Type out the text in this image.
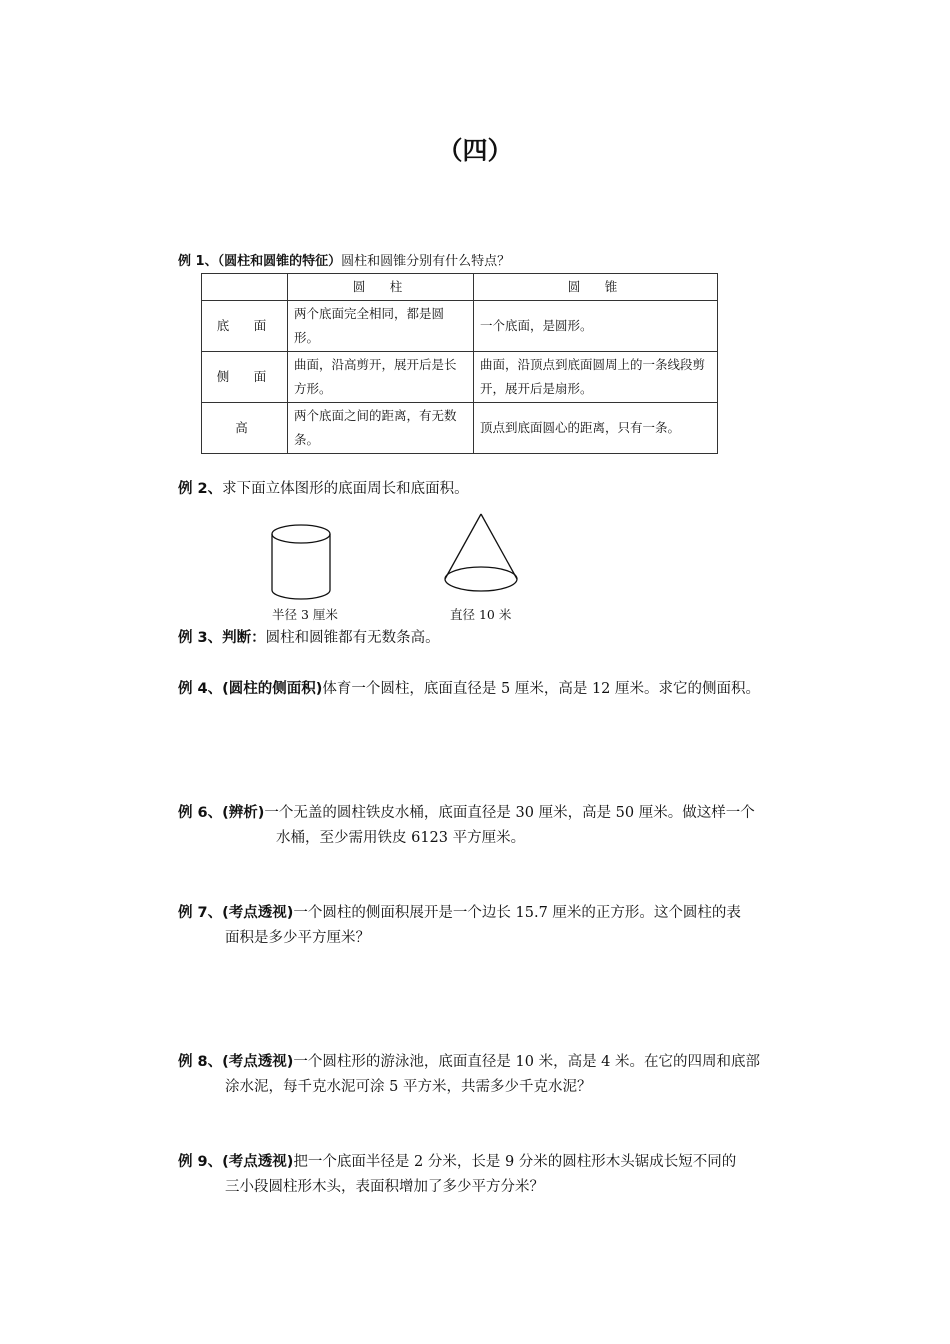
（四）
例 1、（圆柱和圆锥的特征）圆柱和圆锥分别有什么特点？
	圆　柱	圆　锥
底　面	两个底面完全相同，都是圆形。	一个底面，是圆形。
侧　面	曲面，沿高剪开，展开后是长方形。	曲面，沿顶点到底面圆周上的一条线段剪开，展开后是扇形。
高	两个底面之间的距离，有无数条。	顶点到底面圆心的距离，只有一条。
例 2、求下面立体图形的底面周长和底面积。
半径 3 厘米	直径 10 米
例 3、判断：圆柱和圆锥都有无数条高。
例 4、(圆柱的侧面积)体育一个圆柱，底面直径是 5 厘米，高是 12 厘米。求它的侧面积。
例 6、(辨析)一个无盖的圆柱铁皮水桶，底面直径是 30 厘米，高是 50 厘米。做这样一个
水桶，至少需用铁皮 6123 平方厘米。
例 7、(考点透视)一个圆柱的侧面积展开是一个边长 15.7 厘米的正方形。这个圆柱的表
面积是多少平方厘米？
例 8、(考点透视)一个圆柱形的游泳池，底面直径是 10 米，高是 4 米。在它的四周和底部
涂水泥，每千克水泥可涂 5 平方米，共需多少千克水泥？
例 9、(考点透视)把一个底面半径是 2 分米，长是 9 分米的圆柱形木头锯成长短不同的
三小段圆柱形木头，表面积增加了多少平方分米？
